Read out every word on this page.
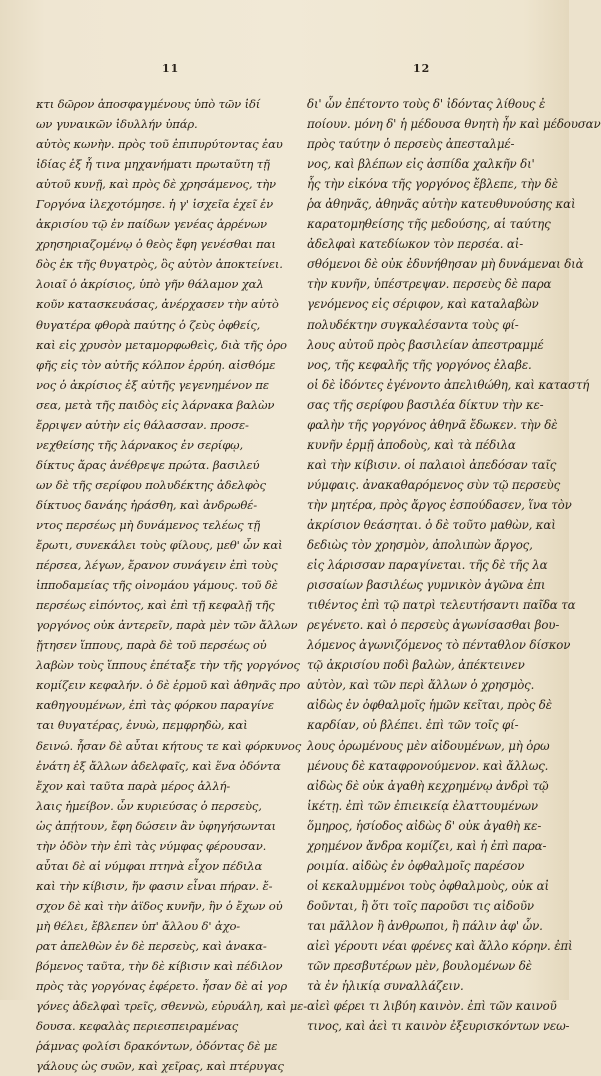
11	12
κτι δῶρον ἀποσφαγμένους ὑπὸ τῶν ἰδί
ων γυναικῶν ἰδυλλήν ὑπάρ.
αὐτὸς κωνὴν. πρὸς τοῦ ἐπιπυρύτοντας ἐαυ
ἰδίας ἐξ ἦ τινα μηχανήματι πρωταῦτη τῇ
αὐτοῦ κυνῇ, καὶ πρὸς δὲ χρησάμενος, τὴν
Γοργόνα ἱλεχοτόμησε. ἡ γ' ἰσχεῖα ἐχεῖ ἐν
ἀκρισίου τῷ ἐν παίδων γενέας ἀρρένων
χρησηριαζομένῳ ὁ θεὸς ἔφη γενέσθαι παι
δὸς ἐκ τῆς θυγατρὸς, ὃς αὐτὸν ἀποκτείνει.
λοιαῖ ὁ ἀκρίσιος, ὑπὸ γῆν θάλαμον χαλ
κοῦν κατασκευάσας, ἀνέρχασεν τὴν αὐτὸ
θυγατέρα φθορὰ παύτης ὁ ζεὺς ὀφθείς,
καὶ εἰς χρυσὸν μεταμορφωθεὶς, διὰ τῆς ὀρο
φῆς εἰς τὸν αὐτῆς κόλπον ἐρρύη. αἰσθόμε
νος ὁ ἀκρίσιος ἐξ αὐτῆς γεγενημένον πε
σεα, μετὰ τῆς παιδὸς εἰς λάρνακα βαλὼν
ἔρριψεν αὐτὴν εἰς θάλασσαν. προσε-
νεχθείσης τῆς λάρνακος ἐν σερίφῳ,
δίκτυς ἄρας ἀνέθρεψε πρώτα. βασιλεύ
ων δὲ τῆς σερίφου πολυδέκτης ἀδελφὸς
δίκτυος δανάης ἠράσθη, καὶ ἀνδρωθέ-
ντος περσέως μὴ δυνάμενος τελέως τῇ
ἔρωτι, συνεκάλει τοὺς φίλους, μεθ' ὧν καὶ
πέρσεα, λέγων, ἔρανον συνάγειν ἐπὶ τοὺς
ἱπποδαμείας τῆς οἰνομάου γάμους. τοῦ δὲ
περσέως εἰπόντος, καὶ ἐπὶ τῇ κεφαλῇ τῆς
γοργόνος οὐκ ἀντερεῖν, παρὰ μὲν τῶν ἄλλων
ᾔτησεν ἵππους, παρὰ δὲ τοῦ περσέως οὐ
λαβὼν τοὺς ἵππους ἐπέταξε τὴν τῆς γοργόνος
κομίζειν κεφαλήν. ὁ δὲ ἑρμοῦ καὶ ἀθηνᾶς προ
καθηγουμένων, ἐπὶ τὰς φόρκου παραγίνε
ται θυγατέρας, ἐνυὼ, πεμφρηδὼ, καὶ
δεινώ. ἦσαν δὲ αὗται κήτους τε καὶ φόρκυνος
ἐνάτη ἐξ ἄλλων ἀδελφαῖς, καὶ ἕνα ὀδόντα
ἔχον καὶ ταῦτα παρὰ μέρος ἀλλή-
λαις ἠμείβον. ὧν κυριεύσας ὁ περσεὺς,
ὡς ἀπῄτουν, ἔφη δώσειν ἂν ὑφηγήσωνται
τὴν ὁδὸν τὴν ἐπὶ τὰς νύμφας φέρουσαν.
αὗται δὲ αἱ νύμφαι πτηνὰ εἶχον πέδιλα
καὶ τὴν κίβισιν, ἥν φασιν εἶναι πήραν. ἔ-
σχον δὲ καὶ τὴν ἀϊδος κυνῆν, ἣν ὁ ἔχων οὐ
μὴ θέλει, ἔβλεπεν ὑπ' ἄλλου δ' ἀχο-
ρατ ἀπελθὼν ἐν δὲ περσεὺς, καὶ ἀνακα-
βόμενος ταῦτα, τὴν δὲ κίβισιν καὶ πέδιλον
πρὸς τὰς γοργόνας ἐφέρετο. ἦσαν δὲ αἱ γορ
γόνες ἀδελφαὶ τρεῖς, σθεννὼ, εὐρυάλη, καὶ με-
δουσα. κεφαλὰς περιεσπειραμένας
ῥάμνας φολίσι δρακόντων, ὀδόντας δὲ με
γάλους ὡς συῶν, καὶ χεῖρας, καὶ πτέρυγας
δι' ὧν ἐπέτοντο τοὺς δ' ἰδόντας λίθους ἐ
ποίουν. μόνη δ' ἡ μέδουσα θνητὴ ἦν καὶ μέδουσαν
πρὸς ταύτην ὁ περσεὺς ἀπεσταλμέ-
νος, καὶ βλέπων εἰς ἀσπίδα χαλκῆν δι'
ἧς τὴν εἰκόνα τῆς γοργόνος ἔβλεπε, τὴν δὲ
ῥα ἀθηνᾶς, ἀθηνᾶς αὐτὴν κατευθυνούσης καὶ
καρατομηθείσης τῆς μεδούσης, αἱ ταύτης
ἀδελφαὶ κατεδίωκον τὸν περσέα. αἰ-
σθόμενοι δὲ οὐκ ἐδυνήθησαν μὴ δυνάμεναι διὰ
τὴν κυνῆν, ὑπέστρεψαν. περσεὺς δὲ παρα
γενόμενος εἰς σέριφον, καὶ καταλαβὼν
πολυδέκτην συγκαλέσαντα τοὺς φί-
λους αὐτοῦ πρὸς βασιλείαν ἀπεστραμμέ
νος, τῆς κεφαλῆς τῆς γοργόνος ἐλαβε.
οἱ δὲ ἰδόντες ἐγένοντο ἀπελιθώθη, καὶ καταστή
σας τῆς σερίφου βασιλέα δίκτυν τὴν κε-
φαλὴν τῆς γοργόνος ἀθηνᾶ ἔδωκεν. τὴν δὲ
κυνῆν ἑρμῇ ἀποδοὺς, καὶ τὰ πέδιλα
καὶ τὴν κίβισιν. οἱ παλαιοὶ ἀπεδόσαν ταῖς
νύμφαις. ἀνακαθαρόμενος σὺν τῷ περσεὺς
τὴν μητέρα, πρὸς ἄργος ἐσπούδασεν, ἵνα τὸν
ἀκρίσιον θεάσηται. ὁ δὲ τοῦτο μαθὼν, καὶ
δεδιὼς τὸν χρησμὸν, ἀπολιπὼν ἄργος,
εἰς λάρισσαν παραγίνεται. τῆς δὲ τῆς λα
ρισσαίων βασιλέως γυμνικὸν ἀγῶνα ἐπι
τιθέντος ἐπὶ τῷ πατρὶ τελευτήσαντι παῖδα τα
ρεγένετο. καὶ ὁ περσεὺς ἀγωνίσασθαι βου-
λόμενος ἀγωνιζόμενος τὸ πένταθλον δίσκον
τῷ ἀκρισίου ποδὶ βαλὼν, ἀπέκτεινεν
αὐτὸν, καὶ τῶν περὶ ἄλλων ὁ χρησμὸς.
αἰδὼς ἐν ὀφθαλμοῖς ἡμῶν κεῖται, πρὸς δὲ
καρδίαν, οὐ βλέπει. ἐπὶ τῶν τοῖς φί-
λους ὁρωμένους μὲν αἰδουμένων, μὴ ὁρω
μένους δὲ καταφρονούμενον. καὶ ἄλλως.
αἰδὼς δὲ οὐκ ἀγαθὴ κεχρημένῳ ἀνδρὶ τῷ
ἱκέτῃ. ἐπὶ τῶν ἐπιεικείᾳ ἐλαττουμένων
ὅμηρος, ἡσίοδος αἰδὼς δ' οὐκ ἀγαθὴ κε-
χρημένον ἄνδρα κομίζει, καὶ ἡ ἐπὶ παρα-
ροιμία. αἰδὼς ἐν ὀφθαλμοῖς παρέσον
οἱ κεκαλυμμένοι τοὺς ὀφθαλμοὺς, οὐκ αἰ
δοῦνται, ἢ ὅτι τοῖς παροῦσι τις αἰδοῦν
ται μᾶλλον ἢ ἀνθρωποι, ἢ πάλιν ἀφ' ὧν.
αἰεὶ γέρουτι νέαι φρένες καὶ ἄλλο κόρην. ἐπὶ
τῶν πρεσβυτέρων μὲν, βουλομένων δὲ
τὰ ἐν ἡλικίᾳ συναλλάζειν.
αἰεὶ φέρει τι λιβύη καινὸν. ἐπὶ τῶν καινοῦ
τινος, καὶ ἀεὶ τι καινὸν ἐξευρισκόντων νεω-
